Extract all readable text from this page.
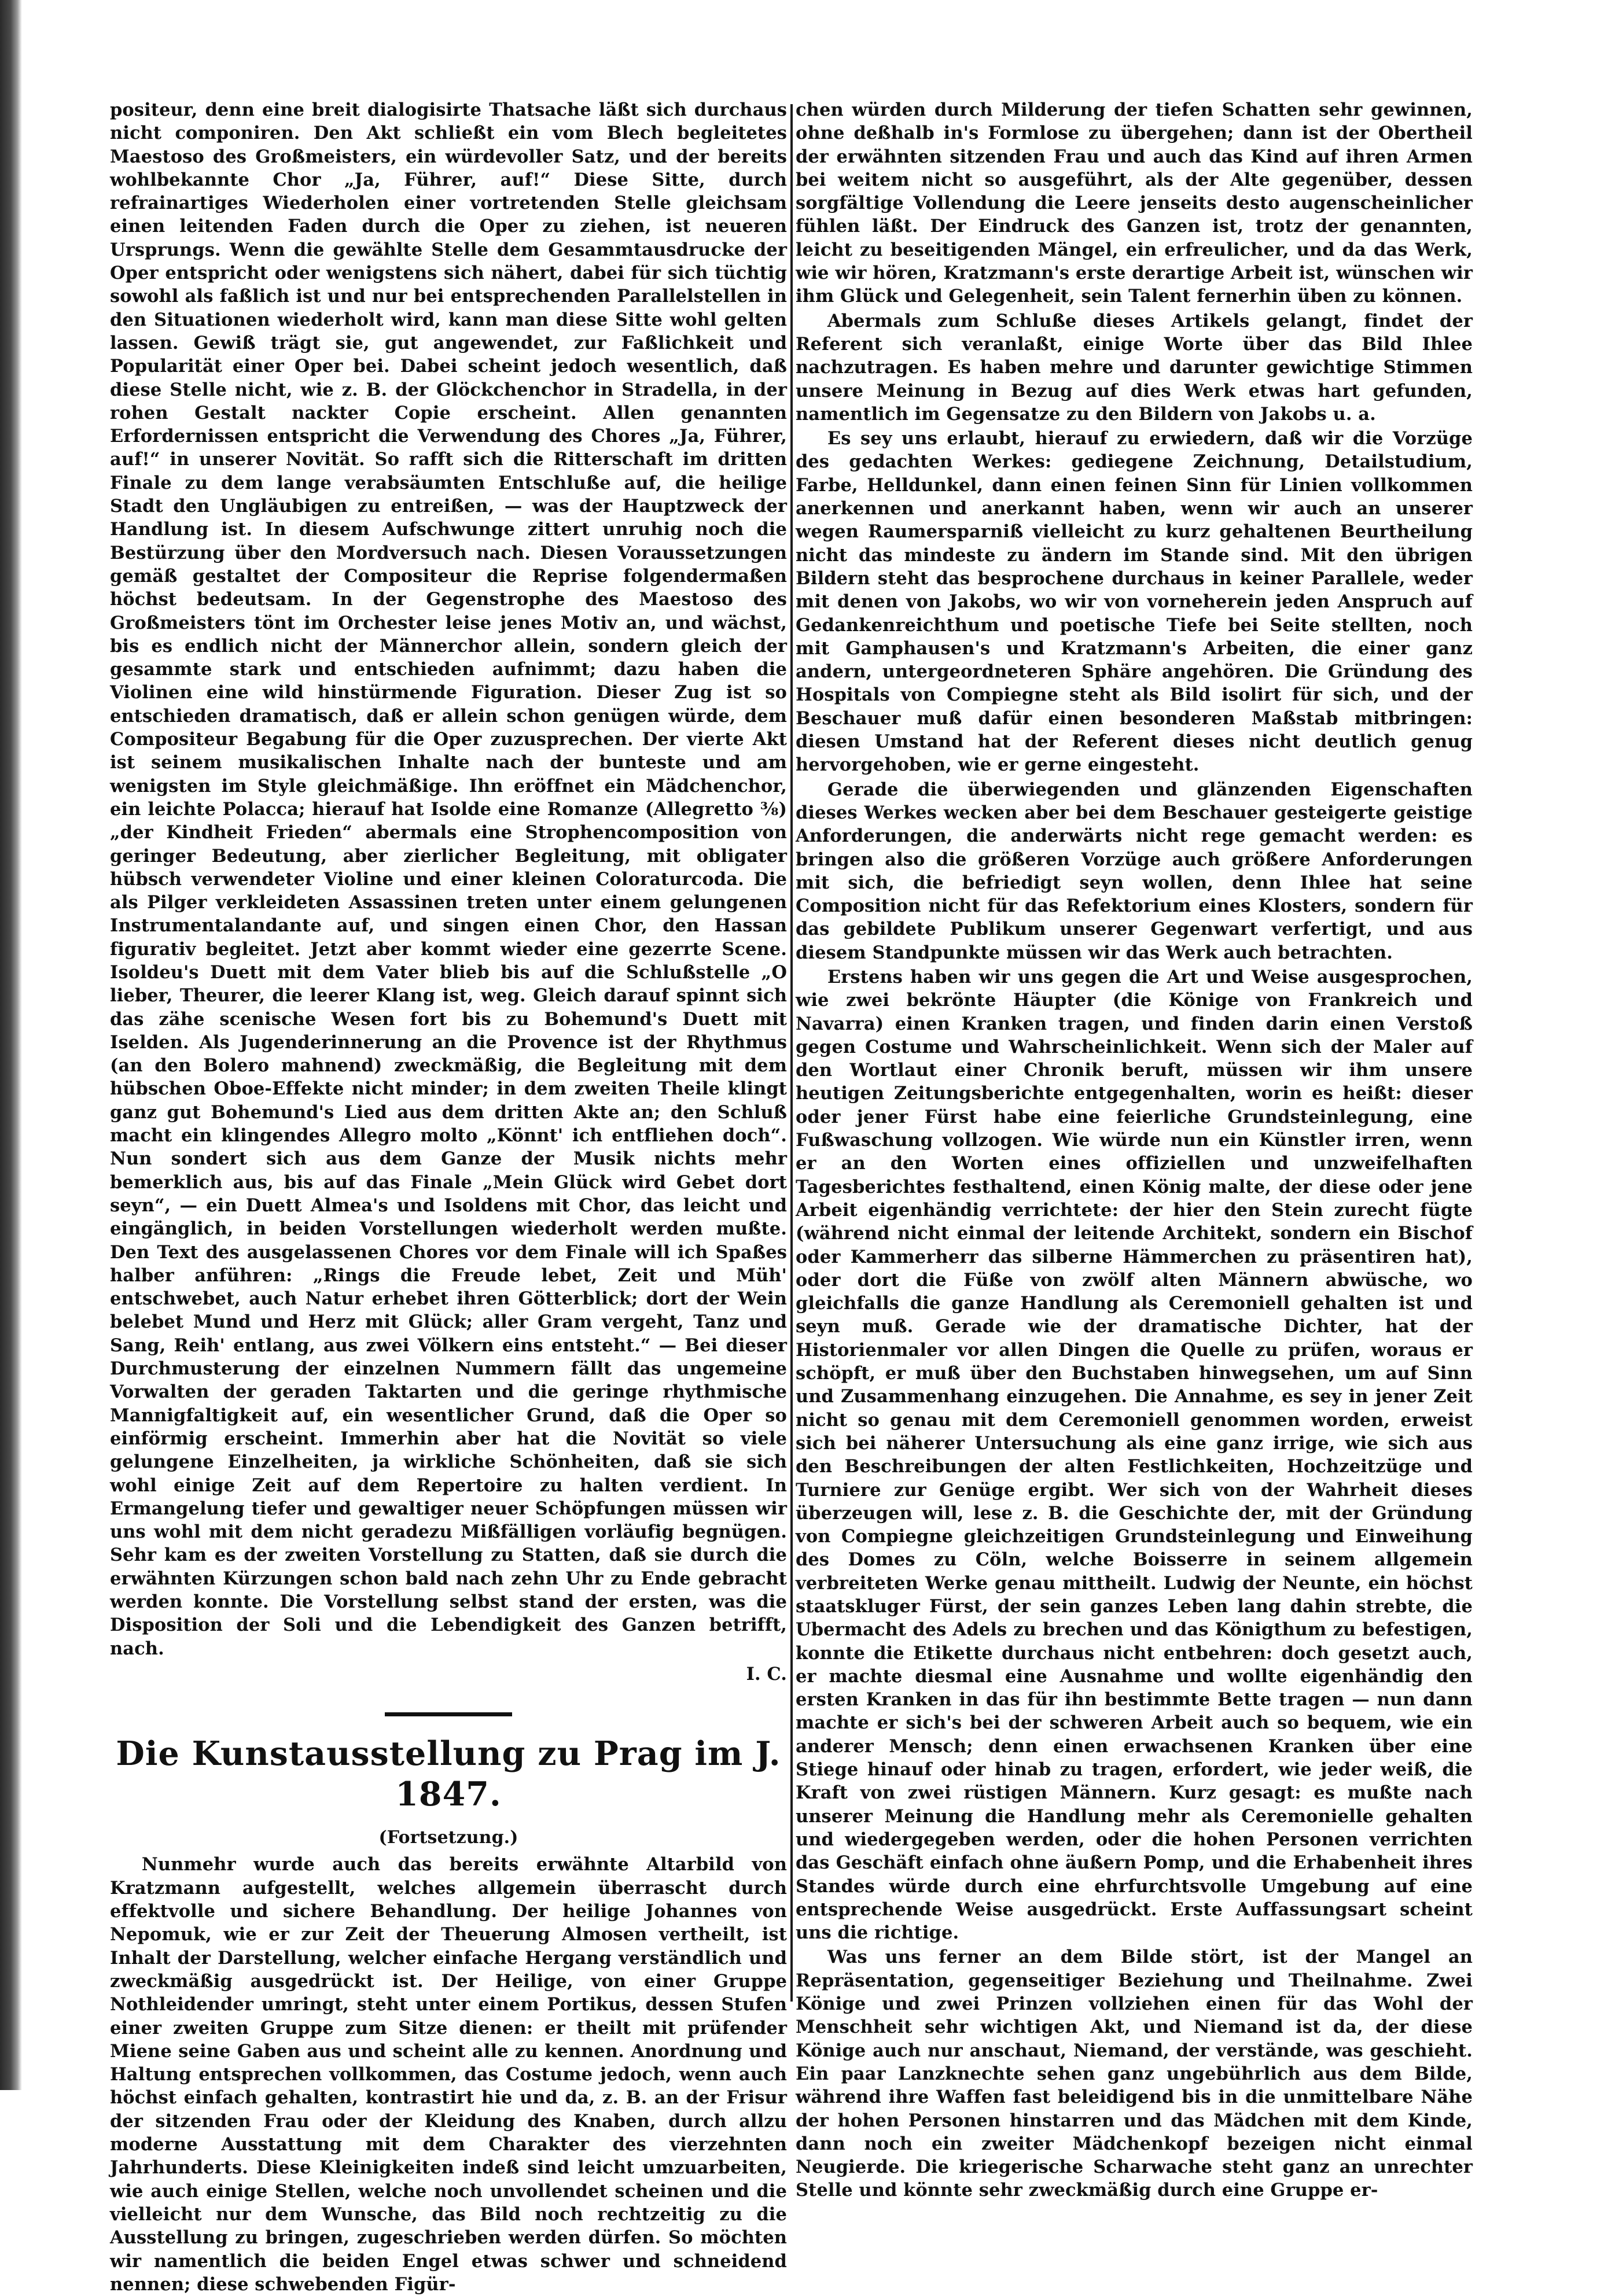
positeur, denn eine breit dialogisirte Thatsache läßt sich durchaus nicht componiren. Den Akt schließt ein vom Blech begleitetes Maestoso des Großmeisters, ein würdevoller Satz, und der bereits wohlbekannte Chor „Ja, Führer, auf!“ Diese Sitte, durch refrainartiges Wiederholen einer vortretenden Stelle gleichsam einen leitenden Faden durch die Oper zu ziehen, ist neueren Ursprungs. Wenn die gewählte Stelle dem Gesammtausdrucke der Oper entspricht oder wenigstens sich nähert, dabei für sich tüchtig sowohl als faßlich ist und nur bei entsprechenden Parallelstellen in den Situationen wiederholt wird, kann man diese Sitte wohl gelten lassen. Gewiß trägt sie, gut angewendet, zur Faßlichkeit und Popularität einer Oper bei. Dabei scheint jedoch wesentlich, daß diese Stelle nicht, wie z. B. der Glöckchenchor in Stradella, in der rohen Gestalt nackter Copie erscheint. Allen genannten Erfordernissen entspricht die Verwendung des Chores „Ja, Führer, auf!“ in unserer Novität. So rafft sich die Ritterschaft im dritten Finale zu dem lange verabsäumten Entschluße auf, die heilige Stadt den Ungläubigen zu entreißen, — was der Hauptzweck der Handlung ist. In diesem Aufschwunge zittert unruhig noch die Bestürzung über den Mordversuch nach. Diesen Voraussetzungen gemäß gestaltet der Compositeur die Reprise folgendermaßen höchst bedeutsam. In der Gegenstrophe des Maestoso des Großmeisters tönt im Orchester leise jenes Motiv an, und wächst, bis es endlich nicht der Männerchor allein, sondern gleich der gesammte stark und entschieden aufnimmt; dazu haben die Violinen eine wild hinstürmende Figuration. Dieser Zug ist so entschieden dramatisch, daß er allein schon genügen würde, dem Compositeur Begabung für die Oper zuzusprechen. Der vierte Akt ist seinem musikalischen Inhalte nach der bunteste und am wenigsten im Style gleichmäßige. Ihn eröffnet ein Mädchenchor, ein leichte Polacca; hierauf hat Isolde eine Romanze (Allegretto ⅜) „der Kindheit Frieden“ abermals eine Strophencomposition von geringer Bedeutung, aber zierlicher Begleitung, mit obligater hübsch verwendeter Violine und einer kleinen Coloraturcoda. Die als Pilger verkleideten Assassinen treten unter einem gelungenen Instrumentalandante auf, und singen einen Chor, den Hassan figurativ begleitet. Jetzt aber kommt wieder eine gezerrte Scene. Isoldeu's Duett mit dem Vater blieb bis auf die Schlußstelle „O lieber, Theurer, die leerer Klang ist, weg. Gleich darauf spinnt sich das zähe scenische Wesen fort bis zu Bohemund's Duett mit Iselden. Als Jugenderinnerung an die Provence ist der Rhythmus (an den Bolero mahnend) zweckmäßig, die Begleitung mit dem hübschen Oboe-Effekte nicht minder; in dem zweiten Theile klingt ganz gut Bohemund's Lied aus dem dritten Akte an; den Schluß macht ein klingendes Allegro molto „Könnt' ich entfliehen doch“. Nun sondert sich aus dem Ganze der Musik nichts mehr bemerklich aus, bis auf das Finale „Mein Glück wird Gebet dort seyn“, — ein Duett Almea's und Isoldens mit Chor, das leicht und eingänglich, in beiden Vorstellungen wiederholt werden mußte. Den Text des ausgelassenen Chores vor dem Finale will ich Spaßes halber anführen: „Rings die Freude lebet, Zeit und Müh' entschwebet, auch Natur erhebet ihren Götterblick; dort der Wein belebet Mund und Herz mit Glück; aller Gram vergeht, Tanz und Sang, Reih' entlang, aus zwei Völkern eins entsteht.“ — Bei dieser Durchmusterung der einzelnen Nummern fällt das ungemeine Vorwalten der geraden Taktarten und die geringe rhythmische Mannigfaltigkeit auf, ein wesentlicher Grund, daß die Oper so einförmig erscheint. Immerhin aber hat die Novität so viele gelungene Einzelheiten, ja wirkliche Schönheiten, daß sie sich wohl einige Zeit auf dem Repertoire zu halten verdient. In Ermangelung tiefer und gewaltiger neuer Schöpfungen müssen wir uns wohl mit dem nicht geradezu Mißfälligen vorläufig begnügen. Sehr kam es der zweiten Vorstellung zu Statten, daß sie durch die erwähnten Kürzungen schon bald nach zehn Uhr zu Ende gebracht werden konnte. Die Vorstellung selbst stand der ersten, was die Disposition der Soli und die Lebendigkeit des Ganzen betrifft, nach.

I. C.

Die Kunstausstellung zu Prag im J. 1847.
(Fortsetzung.)

Nunmehr wurde auch das bereits erwähnte Altarbild von Kratzmann aufgestellt, welches allgemein überrascht durch effektvolle und sichere Behandlung. Der heilige Johannes von Nepomuk, wie er zur Zeit der Theuerung Almosen vertheilt, ist Inhalt der Darstellung, welcher einfache Hergang verständlich und zweckmäßig ausgedrückt ist. Der Heilige, von einer Gruppe Nothleidender umringt, steht unter einem Portikus, dessen Stufen einer zweiten Gruppe zum Sitze dienen: er theilt mit prüfender Miene seine Gaben aus und scheint alle zu kennen. Anordnung und Haltung entsprechen vollkommen, das Costume jedoch, wenn auch höchst einfach gehalten, kontrastirt hie und da, z. B. an der Frisur der sitzenden Frau oder der Kleidung des Knaben, durch allzu moderne Ausstattung mit dem Charakter des vierzehnten Jahrhunderts. Diese Kleinigkeiten indeß sind leicht umzuarbeiten, wie auch einige Stellen, welche noch unvollendet scheinen und die vielleicht nur dem Wunsche, das Bild noch rechtzeitig zu die Ausstellung zu bringen, zugeschrieben werden dürfen. So möchten wir namentlich die beiden Engel etwas schwer und schneidend nennen; diese schwebenden Figür-

chen würden durch Milderung der tiefen Schatten sehr gewinnen, ohne deßhalb in's Formlose zu übergehen; dann ist der Obertheil der erwähnten sitzenden Frau und auch das Kind auf ihren Armen bei weitem nicht so ausgeführt, als der Alte gegenüber, dessen sorgfältige Vollendung die Leere jenseits desto augenscheinlicher fühlen läßt. Der Eindruck des Ganzen ist, trotz der genannten, leicht zu beseitigenden Mängel, ein erfreulicher, und da das Werk, wie wir hören, Kratzmann's erste derartige Arbeit ist, wünschen wir ihm Glück und Gelegenheit, sein Talent fernerhin üben zu können.

Abermals zum Schluße dieses Artikels gelangt, findet der Referent sich veranlaßt, einige Worte über das Bild Ihlee nachzutragen. Es haben mehre und darunter gewichtige Stimmen unsere Meinung in Bezug auf dies Werk etwas hart gefunden, namentlich im Gegensatze zu den Bildern von Jakobs u. a.

Es sey uns erlaubt, hierauf zu erwiedern, daß wir die Vorzüge des gedachten Werkes: gediegene Zeichnung, Detailstudium, Farbe, Helldunkel, dann einen feinen Sinn für Linien vollkommen anerkennen und anerkannt haben, wenn wir auch an unserer wegen Raumersparniß vielleicht zu kurz gehaltenen Beurtheilung nicht das mindeste zu ändern im Stande sind. Mit den übrigen Bildern steht das besprochene durchaus in keiner Parallele, weder mit denen von Jakobs, wo wir von vorneherein jeden Anspruch auf Gedankenreichthum und poetische Tiefe bei Seite stellten, noch mit Gamphausen's und Kratzmann's Arbeiten, die einer ganz andern, untergeordneteren Sphäre angehören. Die Gründung des Hospitals von Compiegne steht als Bild isolirt für sich, und der Beschauer muß dafür einen besonderen Maßstab mitbringen: diesen Umstand hat der Referent dieses nicht deutlich genug hervorgehoben, wie er gerne eingesteht.

Gerade die überwiegenden und glänzenden Eigenschaften dieses Werkes wecken aber bei dem Beschauer gesteigerte geistige Anforderungen, die anderwärts nicht rege gemacht werden: es bringen also die größeren Vorzüge auch größere Anforderungen mit sich, die befriedigt seyn wollen, denn Ihlee hat seine Composition nicht für das Refektorium eines Klosters, sondern für das gebildete Publikum unserer Gegenwart verfertigt, und aus diesem Standpunkte müssen wir das Werk auch betrachten.

Erstens haben wir uns gegen die Art und Weise ausgesprochen, wie zwei bekrönte Häupter (die Könige von Frankreich und Navarra) einen Kranken tragen, und finden darin einen Verstoß gegen Costume und Wahrscheinlichkeit. Wenn sich der Maler auf den Wortlaut einer Chronik beruft, müssen wir ihm unsere heutigen Zeitungsberichte entgegenhalten, worin es heißt: dieser oder jener Fürst habe eine feierliche Grundsteinlegung, eine Fußwaschung vollzogen. Wie würde nun ein Künstler irren, wenn er an den Worten eines offiziellen und unzweifelhaften Tagesberichtes festhaltend, einen König malte, der diese oder jene Arbeit eigenhändig verrichtete: der hier den Stein zurecht fügte (während nicht einmal der leitende Architekt, sondern ein Bischof oder Kammerherr das silberne Hämmerchen zu präsentiren hat), oder dort die Füße von zwölf alten Männern abwüsche, wo gleichfalls die ganze Handlung als Ceremoniell gehalten ist und seyn muß. Gerade wie der dramatische Dichter, hat der Historienmaler vor allen Dingen die Quelle zu prüfen, woraus er schöpft, er muß über den Buchstaben hinwegsehen, um auf Sinn und Zusammenhang einzugehen. Die Annahme, es sey in jener Zeit nicht so genau mit dem Ceremoniell genommen worden, erweist sich bei näherer Untersuchung als eine ganz irrige, wie sich aus den Beschreibungen der alten Festlichkeiten, Hochzeitzüge und Turniere zur Genüge ergibt. Wer sich von der Wahrheit dieses überzeugen will, lese z. B. die Geschichte der, mit der Gründung von Compiegne gleichzeitigen Grundsteinlegung und Einweihung des Domes zu Cöln, welche Boisserre in seinem allgemein verbreiteten Werke genau mittheilt. Ludwig der Neunte, ein höchst staatskluger Fürst, der sein ganzes Leben lang dahin strebte, die Ubermacht des Adels zu brechen und das Königthum zu befestigen, konnte die Etikette durchaus nicht entbehren: doch gesetzt auch, er machte diesmal eine Ausnahme und wollte eigenhändig den ersten Kranken in das für ihn bestimmte Bette tragen — nun dann machte er sich's bei der schweren Arbeit auch so bequem, wie ein anderer Mensch; denn einen erwachsenen Kranken über eine Stiege hinauf oder hinab zu tragen, erfordert, wie jeder weiß, die Kraft von zwei rüstigen Männern. Kurz gesagt: es mußte nach unserer Meinung die Handlung mehr als Ceremonielle gehalten und wiedergegeben werden, oder die hohen Personen verrichten das Geschäft einfach ohne äußern Pomp, und die Erhabenheit ihres Standes würde durch eine ehrfurchtsvolle Umgebung auf eine entsprechende Weise ausgedrückt. Erste Auffassungsart scheint uns die richtige.

Was uns ferner an dem Bilde stört, ist der Mangel an Repräsentation, gegenseitiger Beziehung und Theilnahme. Zwei Könige und zwei Prinzen vollziehen einen für das Wohl der Menschheit sehr wichtigen Akt, und Niemand ist da, der diese Könige auch nur anschaut, Niemand, der verstände, was geschieht. Ein paar Lanzknechte sehen ganz ungebührlich aus dem Bilde, während ihre Waffen fast beleidigend bis in die unmittelbare Nähe der hohen Personen hinstarren und das Mädchen mit dem Kinde, dann noch ein zweiter Mädchenkopf bezeigen nicht einmal Neugierde. Die kriegerische Scharwache steht ganz an unrechter Stelle und könnte sehr zweckmäßig durch eine Gruppe er-
